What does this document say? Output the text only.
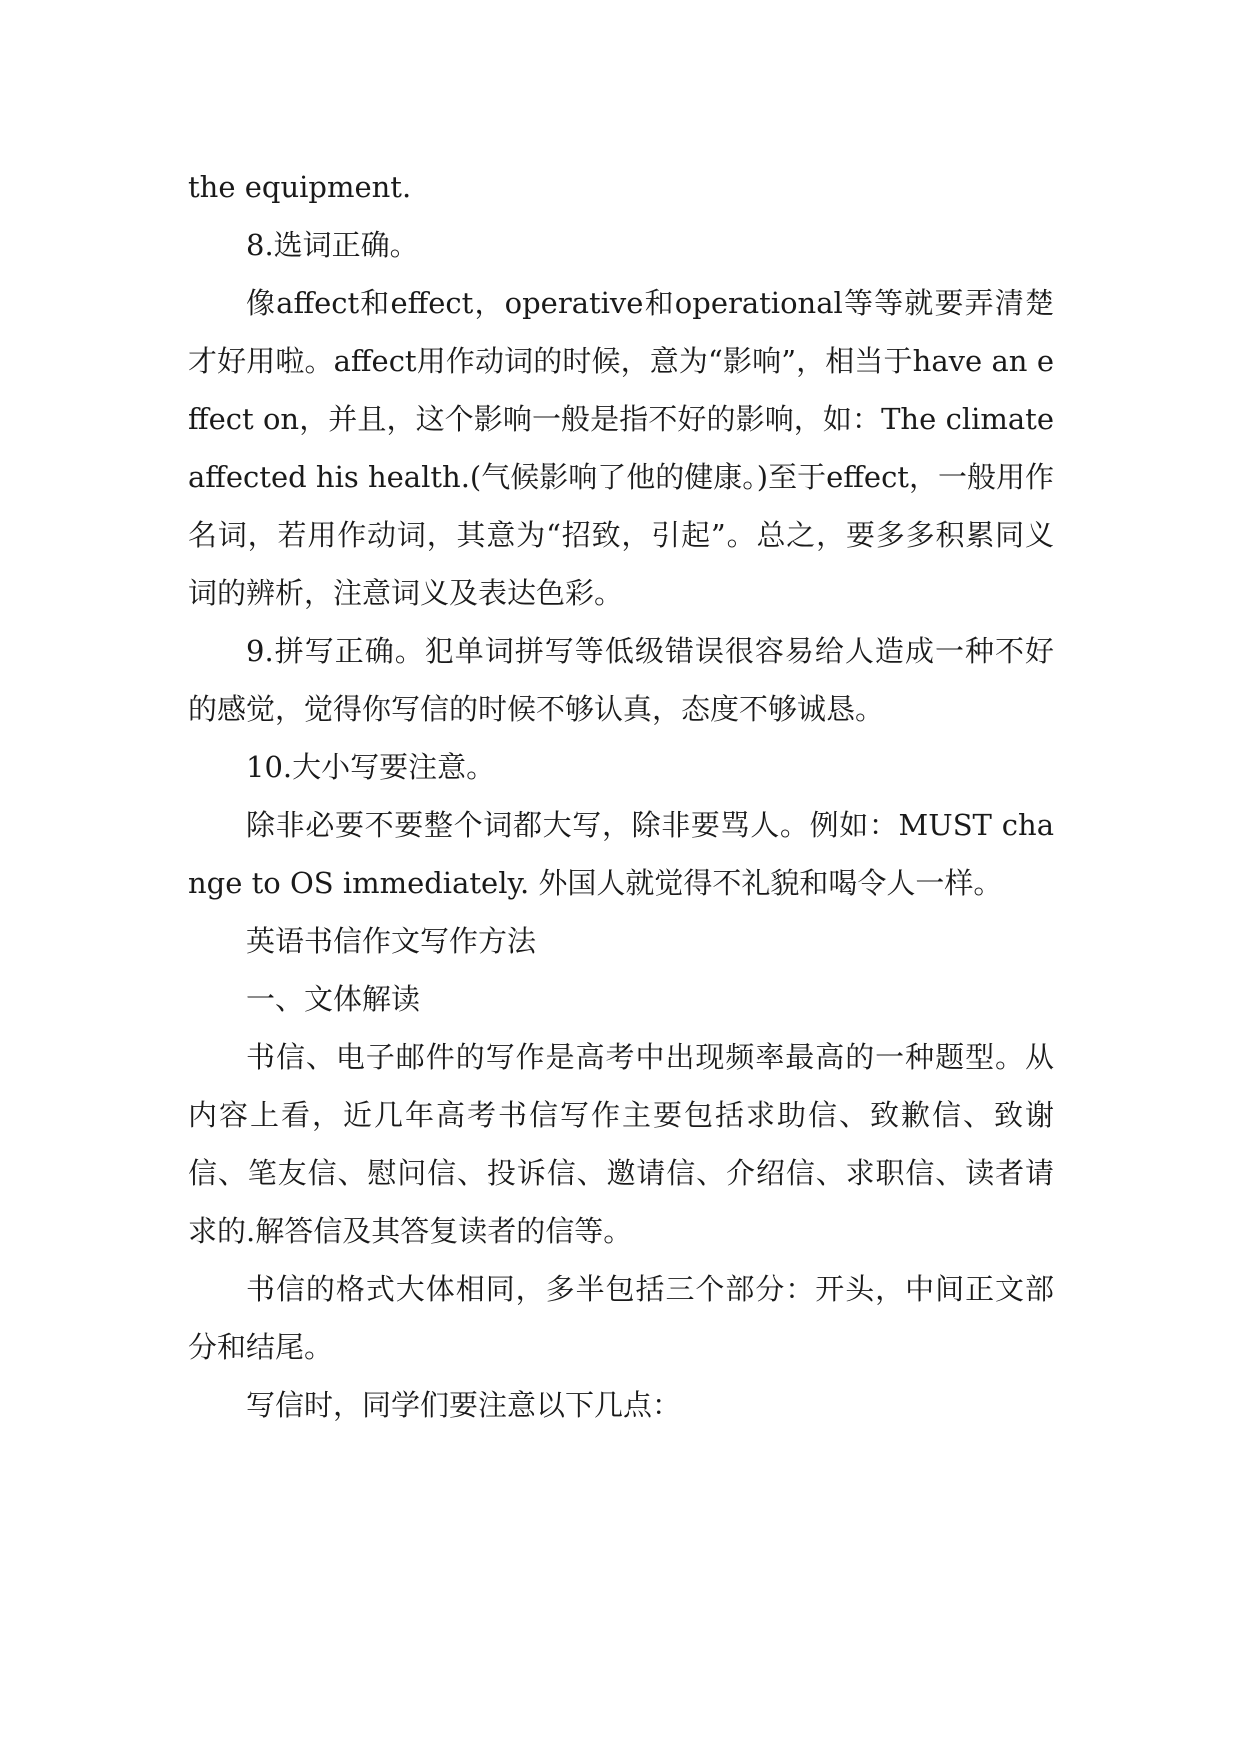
the equipment.

8.选词正确。

像affect和effect，operative和operational等等就要弄清楚才好用啦。affect用作动词的时候，意为“影响”，相当于have an effect on，并且，这个影响一般是指不好的影响，如：The climate affected his health.(气候影响了他的健康。)至于effect，一般用作名词，若用作动词，其意为“招致，引起”。总之，要多多积累同义词的辨析，注意词义及表达色彩。

9.拼写正确。犯单词拼写等低级错误很容易给人造成一种不好的感觉，觉得你写信的时候不够认真，态度不够诚恳。

10.大小写要注意。

除非必要不要整个词都大写，除非要骂人。例如：MUST change to OS immediately. 外国人就觉得不礼貌和喝令人一样。

英语书信作文写作方法

一、文体解读

书信、电子邮件的写作是高考中出现频率最高的一种题型。从内容上看，近几年高考书信写作主要包括求助信、致歉信、致谢信、笔友信、慰问信、投诉信、邀请信、介绍信、求职信、读者请求的.解答信及其答复读者的信等。

书信的格式大体相同，多半包括三个部分：开头，中间正文部分和结尾。

写信时，同学们要注意以下几点：
